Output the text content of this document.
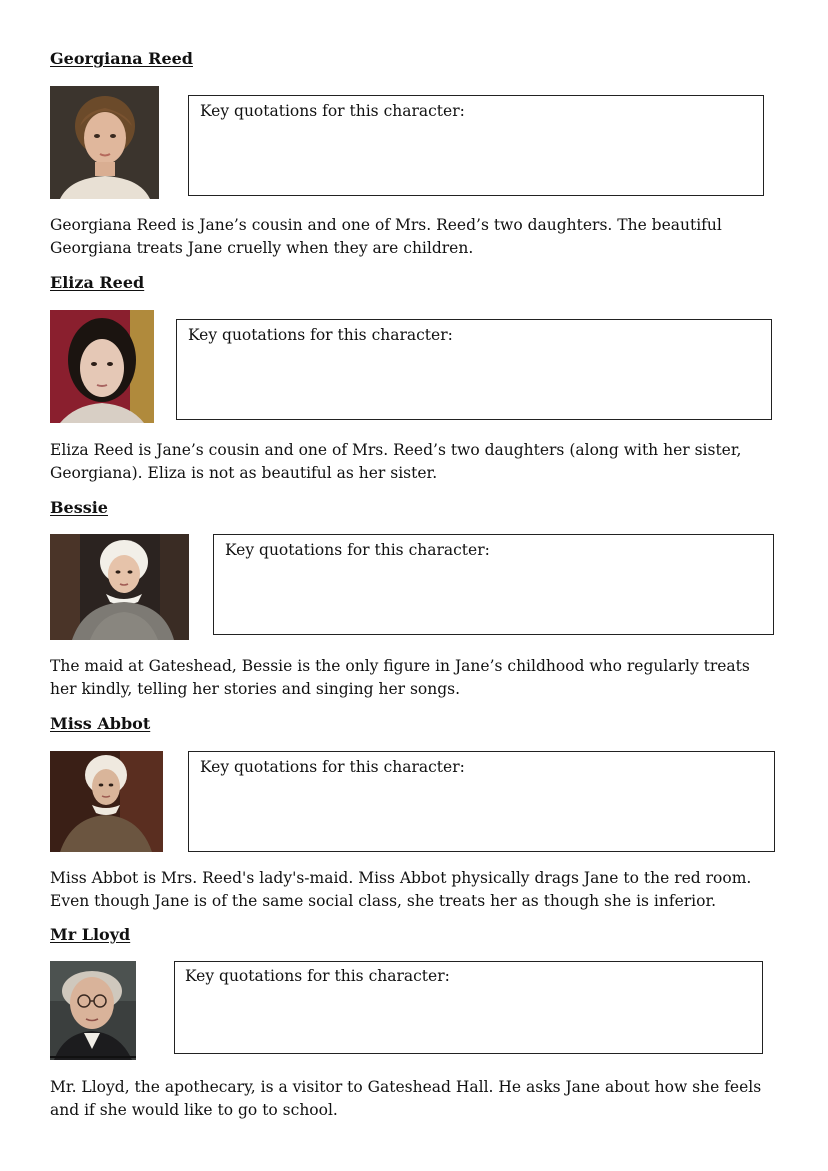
Georgiana Reed
Key quotations for this character:

Georgiana Reed is Jane’s cousin and one of Mrs. Reed’s two daughters. The beautiful Georgiana treats Jane cruelly when they are children.

Eliza Reed
Key quotations for this character:

Eliza Reed is Jane’s cousin and one of Mrs. Reed’s two daughters (along with her sister, Georgiana). Eliza is not as beautiful as her sister.

Bessie
Key quotations for this character:

The maid at Gateshead, Bessie is the only figure in Jane’s childhood who regularly treats her kindly, telling her stories and singing her songs.

Miss Abbot
Key quotations for this character:

Miss Abbot is Mrs. Reed's lady's-maid. Miss Abbot physically drags Jane to the red room. Even though Jane is of the same social class, she treats her as though she is inferior.

Mr Lloyd
Key quotations for this character:

Mr. Lloyd, the apothecary, is a visitor to Gateshead Hall. He asks Jane about how she feels and if she would like to go to school.
